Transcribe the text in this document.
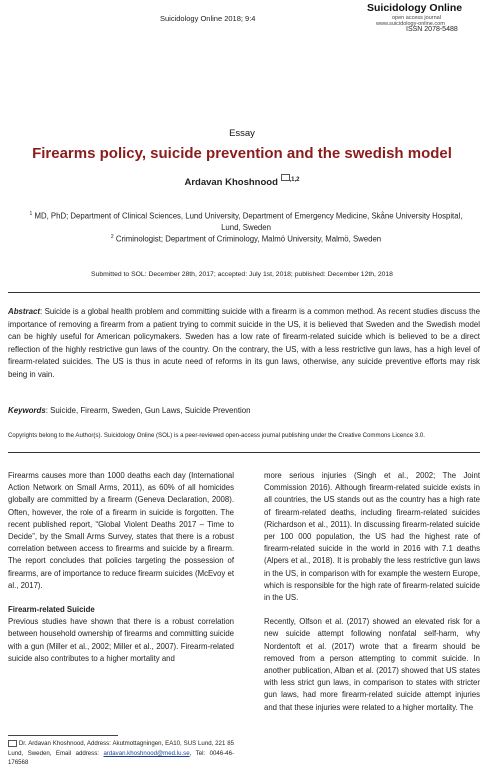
Suicidology Online 2018; 9:4
Suicidology Online
open access journal
www.suicidology-online.com
ISSN 2078-5488
Essay
Firearms policy, suicide prevention and the swedish model
Ardavan Khoshnood $^{,1,2}$
$^1$ MD, PhD; Department of Clinical Sciences, Lund University, Department of Emergency Medicine, Skåne University Hospital, Lund, Sweden
$^2$ Criminologist; Department of Criminology, Malmö University, Malmö, Sweden
Submitted to SOL: December 28th, 2017; accepted: July 1st, 2018; published: December 12th, 2018
Abstract: Suicide is a global health problem and committing suicide with a firearm is a common method. As recent studies discuss the importance of removing a firearm from a patient trying to commit suicide in the US, it is believed that Sweden and the Swedish model can be highly useful for American policymakers. Sweden has a low rate of firearm-related suicide which is believed to be a direct reflection of the highly restrictive gun laws of the country. On the contrary, the US, with a less restrictive gun laws, has a high level of firearm-related suicides. The US is thus in acute need of reforms in its gun laws, otherwise, any suicide preventive efforts may risk being in vain.
Keywords: Suicide, Firearm, Sweden, Gun Laws, Suicide Prevention
Copyrights belong to the Author(s). Suicidology Online (SOL) is a peer-reviewed open-access journal publishing under the Creative Commons Licence 3.0.

Firearms causes more than 1000 deaths each day (International Action Network on Small Arms, 2011), as 60% of all homicides globally are committed by a firearm (Geneva Declaration, 2008). Often, however, the role of a firearm in suicide is forgotten. The recent published report, “Global Violent Deaths 2017 – Time to Decide”, by the Small Arms Survey, states that there is a robust correlation between access to firearms and suicide by a firearm. The report concludes that policies targeting the possession of firearms, are of importance to reduce firearm suicides (McEvoy et al., 2017).

Firearm-related Suicide

Previous studies have shown that there is a robust correlation between household ownership of firearms and committing suicide with a gun (Miller et al., 2002; Miller et al., 2007). Firearm-related suicide also contributes to a higher mortality and

more serious injuries (Singh et al., 2002; The Joint Commission 2016). Although firearm-related suicide exists in all countries, the US stands out as the country has a high rate of firearm-related deaths, including firearm-related suicides (Richardson et al., 2011). In discussing firearm-related suicide per 100 000 population, the US had the highest rate of firearm-related suicide in the world in 2016 with 7.1 deaths (Alpers et al., 2018). It is probably the less restrictive gun laws in the US, in comparison with for example the western Europe, which is responsible for the high rate of firearm-related suicide in the US.

Recently, Olfson et al. (2017) showed an elevated risk for a new suicide attempt following nonfatal self-harm, why Nordentoft et al. (2017) wrote that a firearm should be removed from a person attempting to commit suicide. In another publication, Alban et al. (2017) showed that US states with less strict gun laws, in comparison to states with stricter gun laws, had more firearm-related suicide attempt injuries and that these injuries were related to a higher mortality. The

Dr. Ardavan Khoshnood, Address: Akutmottagningen, EA10, SUS Lund, 221 85 Lund, Sweden, Email address: ardavan.khoshnood@med.lu.se, Tel: 0046-46-176568
